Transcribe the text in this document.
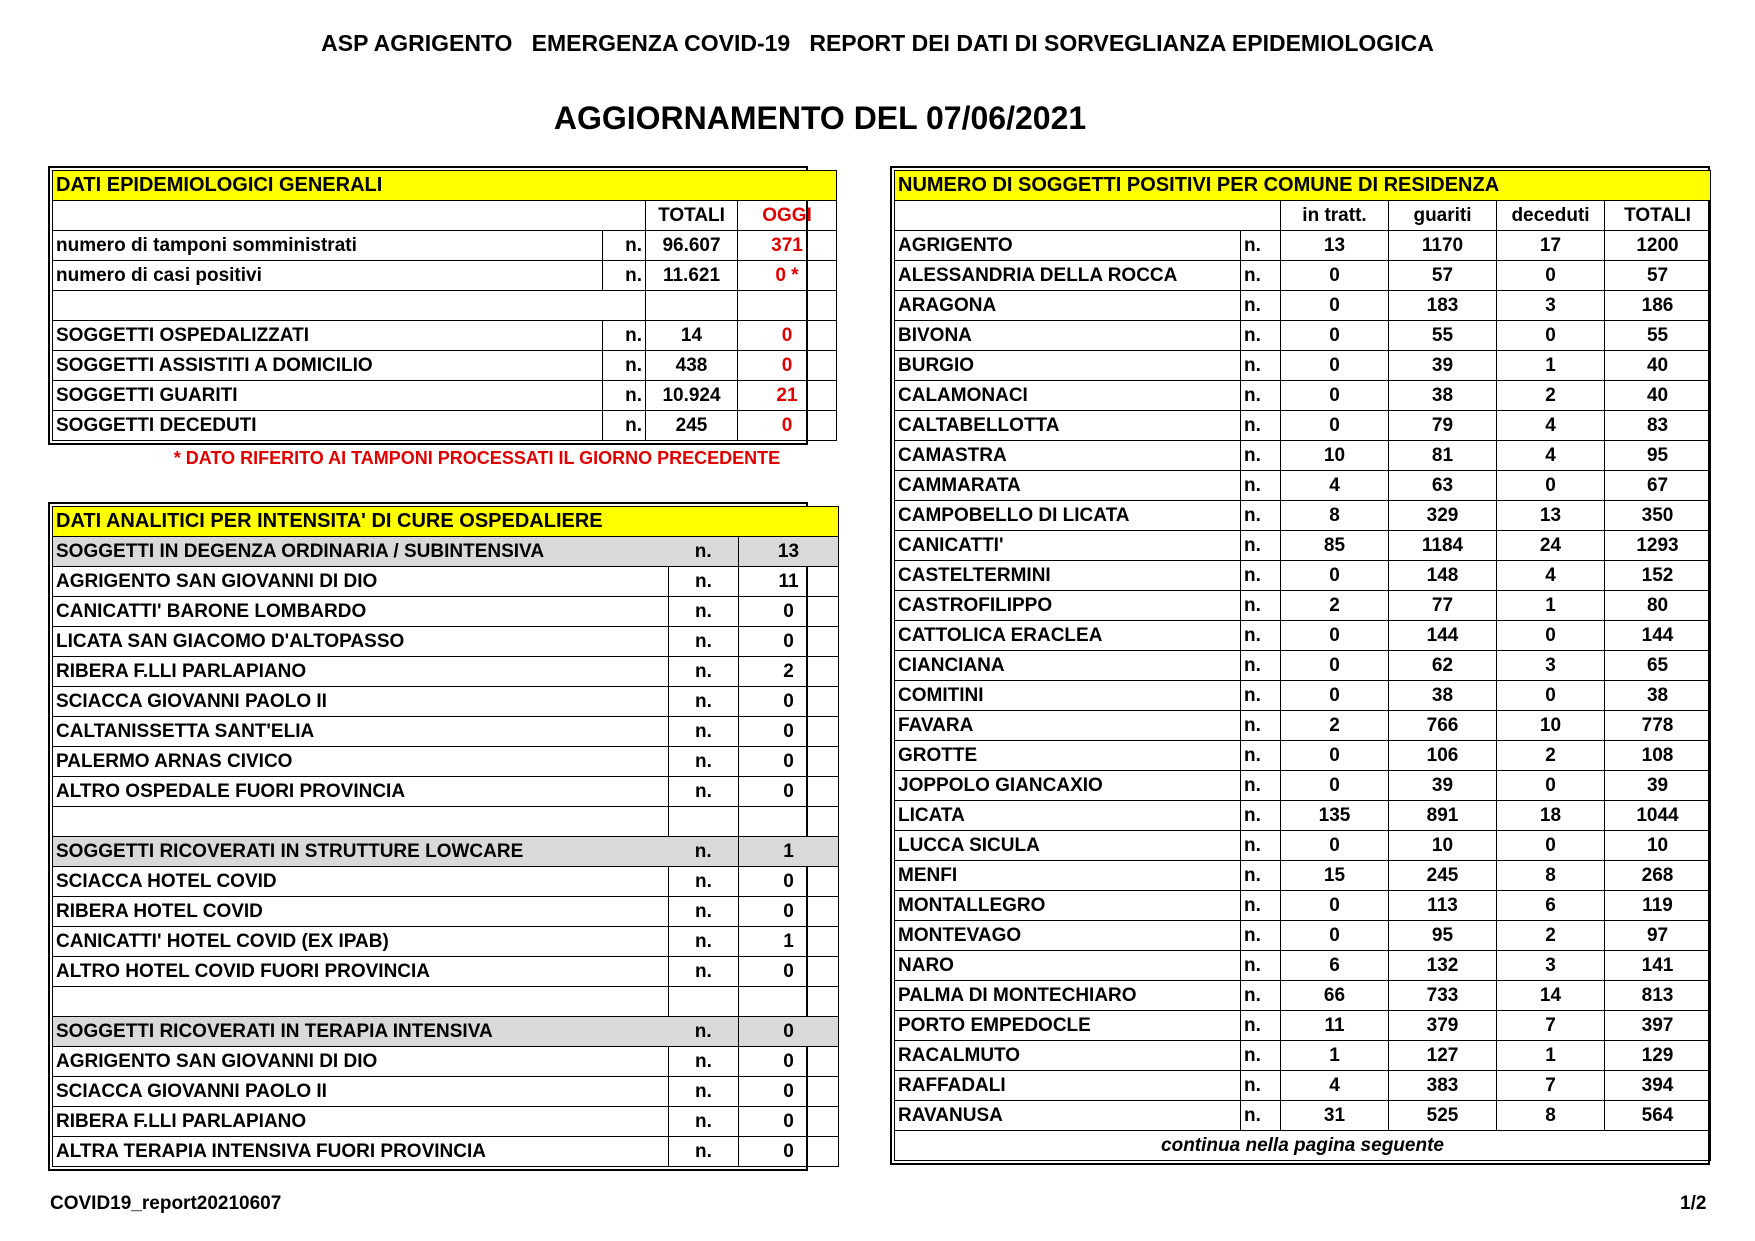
ASP AGRIGENTO   EMERGENZA COVID-19   REPORT DEI DATI DI SORVEGLIANZA EPIDEMIOLOGICA
AGGIORNAMENTO DEL 07/06/2021
DATI EPIDEMIOLOGICI GENERALI			
		TOTALI	OGGI
numero di tamponi somministrati	n.	96.607	371
numero di casi positivi	n.	11.621	0 *

SOGGETTI OSPEDALIZZATI	n.	14	0
SOGGETTI ASSISTITI A DOMICILIO	n.	438	0
SOGGETTI GUARITI	n.	10.924	21
SOGGETTI DECEDUTI	n.	245	0
* DATO RIFERITO AI TAMPONI PROCESSATI IL GIORNO PRECEDENTE
DATI ANALITICI PER INTENSITA' DI CURE OSPEDALIERE		
SOGGETTI IN DEGENZA ORDINARIA / SUBINTENSIVA	n.	13
AGRIGENTO SAN GIOVANNI DI DIO	n.	11
CANICATTI' BARONE LOMBARDO	n.	0
LICATA SAN GIACOMO D'ALTOPASSO	n.	0
RIBERA F.LLI PARLAPIANO	n.	2
SCIACCA GIOVANNI PAOLO II	n.	0
CALTANISSETTA SANT'ELIA	n.	0
PALERMO ARNAS CIVICO	n.	0
ALTRO OSPEDALE FUORI PROVINCIA	n.	0

SOGGETTI RICOVERATI IN STRUTTURE LOWCARE	n.	1
SCIACCA HOTEL COVID	n.	0
RIBERA HOTEL COVID	n.	0
CANICATTI' HOTEL COVID (EX IPAB)	n.	1
ALTRO HOTEL COVID FUORI PROVINCIA	n.	0

SOGGETTI RICOVERATI IN TERAPIA INTENSIVA	n.	0
AGRIGENTO SAN GIOVANNI DI DIO	n.	0
SCIACCA GIOVANNI PAOLO II	n.	0
RIBERA F.LLI PARLAPIANO	n.	0
ALTRA TERAPIA INTENSIVA FUORI PROVINCIA	n.	0
NUMERO DI SOGGETTI POSITIVI PER COMUNE DI RESIDENZA					
		in tratt.	guariti	deceduti	TOTALI
AGRIGENTO	n.	13	1170	17	1200
ALESSANDRIA DELLA ROCCA	n.	0	57	0	57
ARAGONA	n.	0	183	3	186
BIVONA	n.	0	55	0	55
BURGIO	n.	0	39	1	40
CALAMONACI	n.	0	38	2	40
CALTABELLOTTA	n.	0	79	4	83
CAMASTRA	n.	10	81	4	95
CAMMARATA	n.	4	63	0	67
CAMPOBELLO DI LICATA	n.	8	329	13	350
CANICATTI'	n.	85	1184	24	1293
CASTELTERMINI	n.	0	148	4	152
CASTROFILIPPO	n.	2	77	1	80
CATTOLICA ERACLEA	n.	0	144	0	144
CIANCIANA	n.	0	62	3	65
COMITINI	n.	0	38	0	38
FAVARA	n.	2	766	10	778
GROTTE	n.	0	106	2	108
JOPPOLO GIANCAXIO	n.	0	39	0	39
LICATA	n.	135	891	18	1044
LUCCA SICULA	n.	0	10	0	10
MENFI	n.	15	245	8	268
MONTALLEGRO	n.	0	113	6	119
MONTEVAGO	n.	0	95	2	97
NARO	n.	6	132	3	141
PALMA DI MONTECHIARO	n.	66	733	14	813
PORTO EMPEDOCLE	n.	11	379	7	397
RACALMUTO	n.	1	127	1	129
RAFFADALI	n.	4	383	7	394
RAVANUSA	n.	31	525	8	564
continua nella pagina seguente					
COVID19_report20210607	1/2
